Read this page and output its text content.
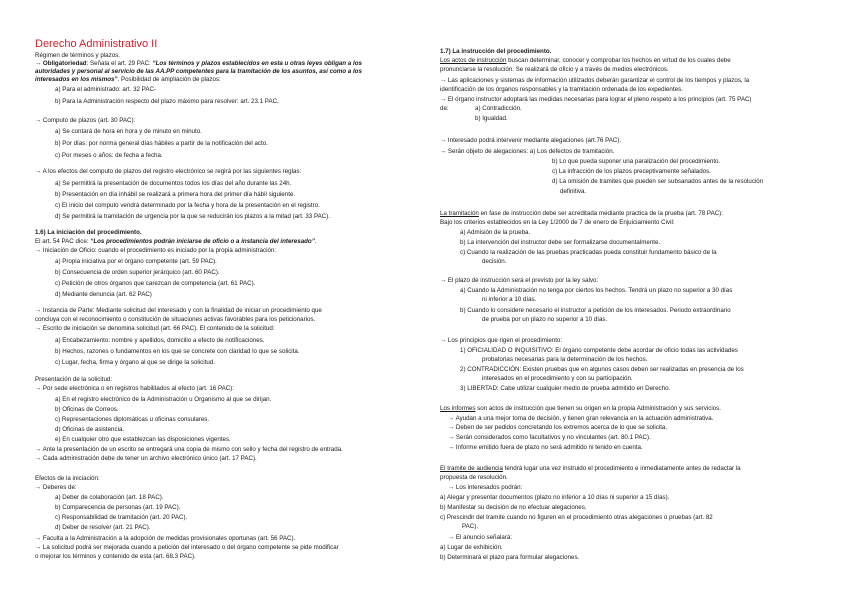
Derecho Administrativo II
Régimen de términos y plazos.
→ Obligatoriedad: Señala el art. 29 PAC: “Los términos y plazos establecidos en esta u otras leyes obligan a los
autoridades y personal al servicio de las AA.PP competentes para la tramitación de los asuntos, así como a los
interesados en los mismos”. Posibilidad de ampliación de plazos:
a) Para el administrado: art. 32 PAC-
b) Para la Administración respecto del plazo máximo para resolver: art. 23.1 PAC.
→ Computo de plazos (art. 30 PAC):
a) Se contará de hora en hora y de minuto en minuto.
b) Por días: por norma general días hábiles a partir de la notificación del acto.
c) Por meses o años: de fecha a fecha.
→ A los efectos del computo de plazos del registro electrónico se regirá por las siguientes reglas:
a) Se permitirá la presentación de documentos todos los días del año durante las 24h.
b) Presentación en día inhábil se realizará a primera hora del primer día hábil siguiente.
c) El inicio del computo vendrá determinado por la fecha y hora de la presentación en el registro.
d) Se permitirá la tramitación de urgencia por la que se reducirán los plazos a la mitad (art. 33 PAC).
1.6) La iniciación del procedimiento.
El art. 54 PAC dice: “Los procedimientos podrán iniciarse de oficio o a instancia del interesado”.
→ Iniciación de Oficio: cuando el procedimiento es iniciado por la propia administración:
a) Propia iniciativa por el órgano competente (art. 59 PAC).
b) Consecuencia de orden superior jerárquico (art. 60 PAC).
c) Petición de otros órganos que carezcan de competencia (art. 61 PAC).
d) Mediante denuncia (art. 62 PAC)
→ Instancia de Parte: Mediante solicitud del interesado y con la finalidad de iniciar un procedimiento que
concluya con el reconocimiento o constitución de situaciones activas favorables para los peticionarios.
→ Escrito de iniciación se denomina solicitud (art. 66 PAC). El contenido de la solicitud:
a) Encabezamiento: nombre y apellidos, domicilio a efecto de notificaciones.
b) Hechos, razones o fundamentos en los que se concrete con claridad lo que se solicita.
c) Lugar, fecha, firma y órgano al que se dirige la solicitud.
Presentación de la solicitud:
→ Por sede electrónica o en registros habilitados al efecto (art. 16 PAC):
a) En el registro electrónico de la Administración u Organismo al que se dirijan.
b) Oficinas de Correos.
c) Representaciones diplomáticas u oficinas consulares.
d) Oficinas de asistencia.
e) En cualquier otro que establezcan las disposiciones vigentes.
→ Ante la presentación de un escrito se entregará una copia de mismo con sello y fecha del registro de entrada.
→ Cada administración debe de tener un archivo electrónico único (art. 17 PAC).
Efectos de la iniciación:
→ Deberes de:
a) Deber de colaboración (art. 18 PAC).
b) Comparecencia de personas (art. 19 PAC).
c) Responsabilidad de tramitación (art. 20 PAC).
d) Deber de resolver (art. 21 PAC).
→ Faculta a la Administración a la adopción de medidas provisionales oportunas (art. 56 PAC).
→ La solicitud podrá ser mejorada cuando a petición del interesado o del órgano competente se pide modificar
o mejorar los términos y contenido de esta (art. 68.3 PAC).
1.7) La instrucción del procedimiento.
Los actos de instrucción buscan determinar, conocer y comprobar los hechos en virtud de los cuales debe
pronunciarse la resolución. Se realizará de oficio y a través de medios electrónicos.
→ Las aplicaciones y sistemas de información utilizados deberán garantizar el control de los tiempos y plazos, la
identificación de los órganos responsables y la tramitación ordenada de los expedientes.
→ El órgano instructor adoptará las medidas necesarias para lograr el pleno respeto a los principios (art. 75 PAC)
de:	a) Contradicción.
b) Igualdad.
→ Interesado podrá intervenir mediante alegaciones (art.76 PAC).
→ Serán objeto de alegaciones: a) Los defectos de tramitación.
b) Lo que pueda suponer una paralización del procedimiento.
c) La infracción de los plazos preceptivamente señalados.
d) La omisión de tramites que pueden ser subsanados antes de la resolución
definitiva.
La tramitación en fase de instrucción debe ser acreditada mediante practica de la prueba (art. 78 PAC):
Bajo los criterios establecidos en la Ley 1/2000 de 7 de enero de Enjuiciamiento Civil:
a) Admisión de la prueba.
b) La intervención del instructor debe ser formalizarse documentalmente.
c) Cuando la realización de las pruebas practicadas pueda constituir fundamento básico de la
decisión.
→ El plazo de instrucción será el previsto por la ley salvo:
a) Cuando la Administración no tenga por ciertos los hechos. Tendrá un plazo no superior a 30 días
ni inferior a 10 días.
b) Cuando lo considere necesario el instructor a petición de los interesados. Periodo extraordinario
de prueba por un plazo no superior a 10 días.
→ Los principios que rigen el procedimiento:
1) OFICIALIDAD O INQUISITIVO: El órgano competente debe acordar de oficio todas las actividades
probatorias necesarias para la determinación de los hechos.
2) CONTRADICCIÓN: Existen pruebas que en algunos casos deben ser realizadas en presencia de los
interesados en el procedimiento y con su participación.
3) LIBERTAD: Cabe utilizar cualquier medio de prueba admitido en Derecho.
Los informes son actos de instrucción que tienen su origen en la propia Administración y sus servicios.
→ Ayudan a una mejor toma de decisión, y tienen gran relevancia en la actuación administrativa.
→ Deben de ser pedidos concretando los extremos acerca de lo que se solicita.
→ Serán considerados como facultativos y no vinculantes (art. 80.1 PAC).
→ Informe emitido fuera de plazo no será admitido ni tenido en cuenta.
El tramite de audiencia tendrá lugar una vez instruido el procedimiento e inmediatamente antes de redactar la
propuesta de resolución.
→ Los interesados podrán:
a) Alegar y presentar documentos (plazo no inferior a 10 días ni superior a 15 días).
b) Manifestar su decisión de no efectuar alegaciones.
c) Prescindir del tramite cuando no figuren en el procedimiento otras alegaciones o pruebas (art. 82
PAC).
→ El anuncio señalará:
a) Lugar de exhibición.
b) Determinará el plazo para formular alegaciones.
